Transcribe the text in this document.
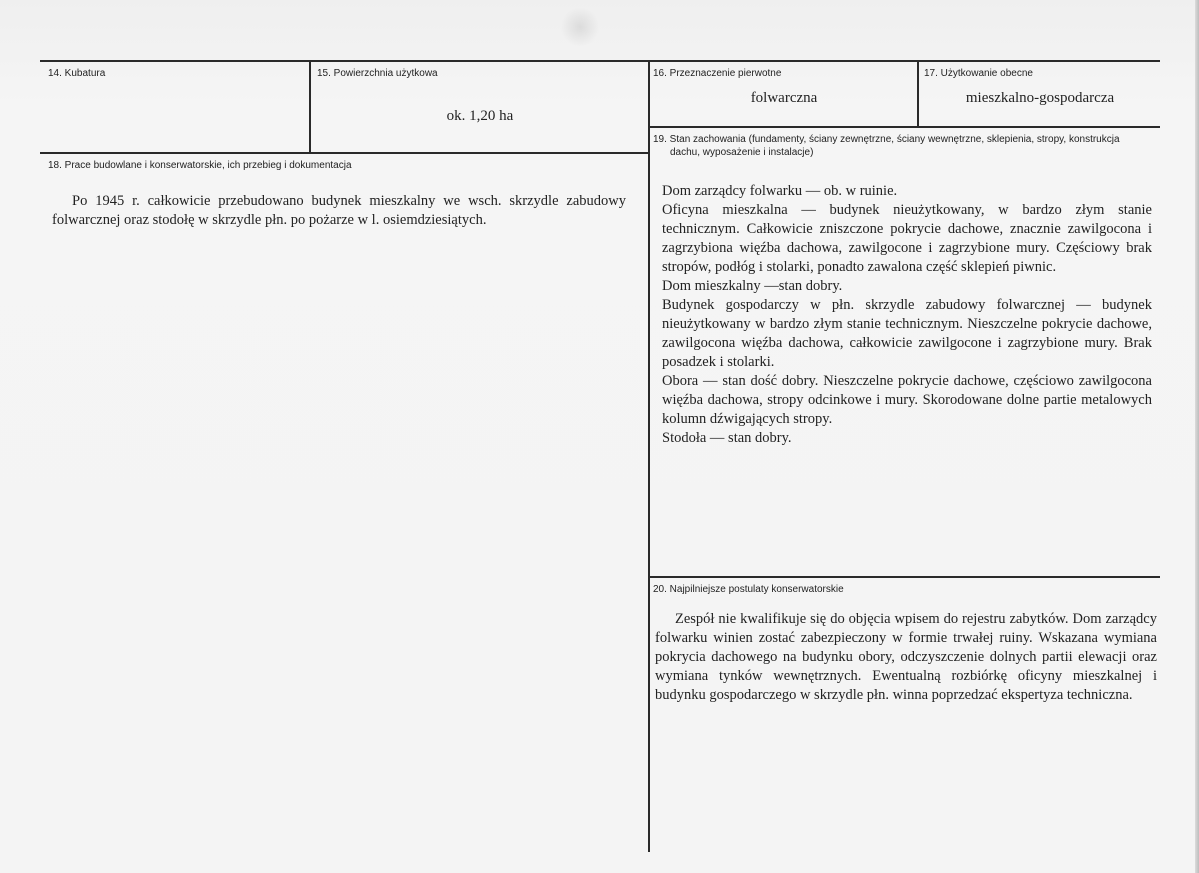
14. Kubatura	15. Powierzchnia użytkowa
ok. 1,20 ha
16. Przeznaczenie pierwotne
folwarczna
17. Użytkowanie obecne
mieszkalno-gospodarcza
18. Prace budowlane i konserwatorskie, ich przebieg i dokumentacja

Po 1945 r. całkowicie przebudowano budynek mieszkalny we wsch. skrzydle zabudowy folwarcznej oraz stodołę w skrzydle płn. po pożarze w l. osiemdziesiątych.

19. Stan zachowania (fundamenty, ściany zewnętrzne, ściany wewnętrzne, sklepienia, stropy, konstrukcja
dachu, wyposażenie i instalacje)

Dom zarządcy folwarku — ob. w ruinie.

Oficyna mieszkalna — budynek nieużytkowany, w bardzo złym stanie technicznym. Całkowicie zniszczone pokrycie dachowe, znacznie zawilgocona i zagrzybiona więźba dachowa, zawilgocone i zagrzybione mury. Częściowy brak stropów, podłóg i stolarki, ponadto zawalona część sklepień piwnic.

Dom mieszkalny —stan dobry.

Budynek gospodarczy w płn. skrzydle zabudowy folwarcznej — budynek nieużytkowany w bardzo złym stanie technicznym. Nieszczelne pokrycie dachowe, zawilgocona więźba dachowa, całkowicie zawilgocone i zagrzybione mury. Brak posadzek i stolarki.

Obora — stan dość dobry. Nieszczelne pokrycie dachowe, częściowo zawilgocona więźba dachowa, stropy odcinkowe i mury. Skorodowane dolne partie metalowych kolumn dźwigających stropy.

Stodoła — stan dobry.

20. Najpilniejsze postulaty konserwatorskie

Zespół nie kwalifikuje się do objęcia wpisem do rejestru zabytków. Dom zarządcy folwarku winien zostać zabezpieczony w formie trwałej ruiny. Wskazana wymiana pokrycia dachowego na budynku obory, odczyszczenie dolnych partii elewacji oraz wymiana tynków wewnętrznych. Ewentualną rozbiórkę oficyny mieszkalnej i budynku gospodarczego w skrzydle płn. winna poprzedzać ekspertyza techniczna.
